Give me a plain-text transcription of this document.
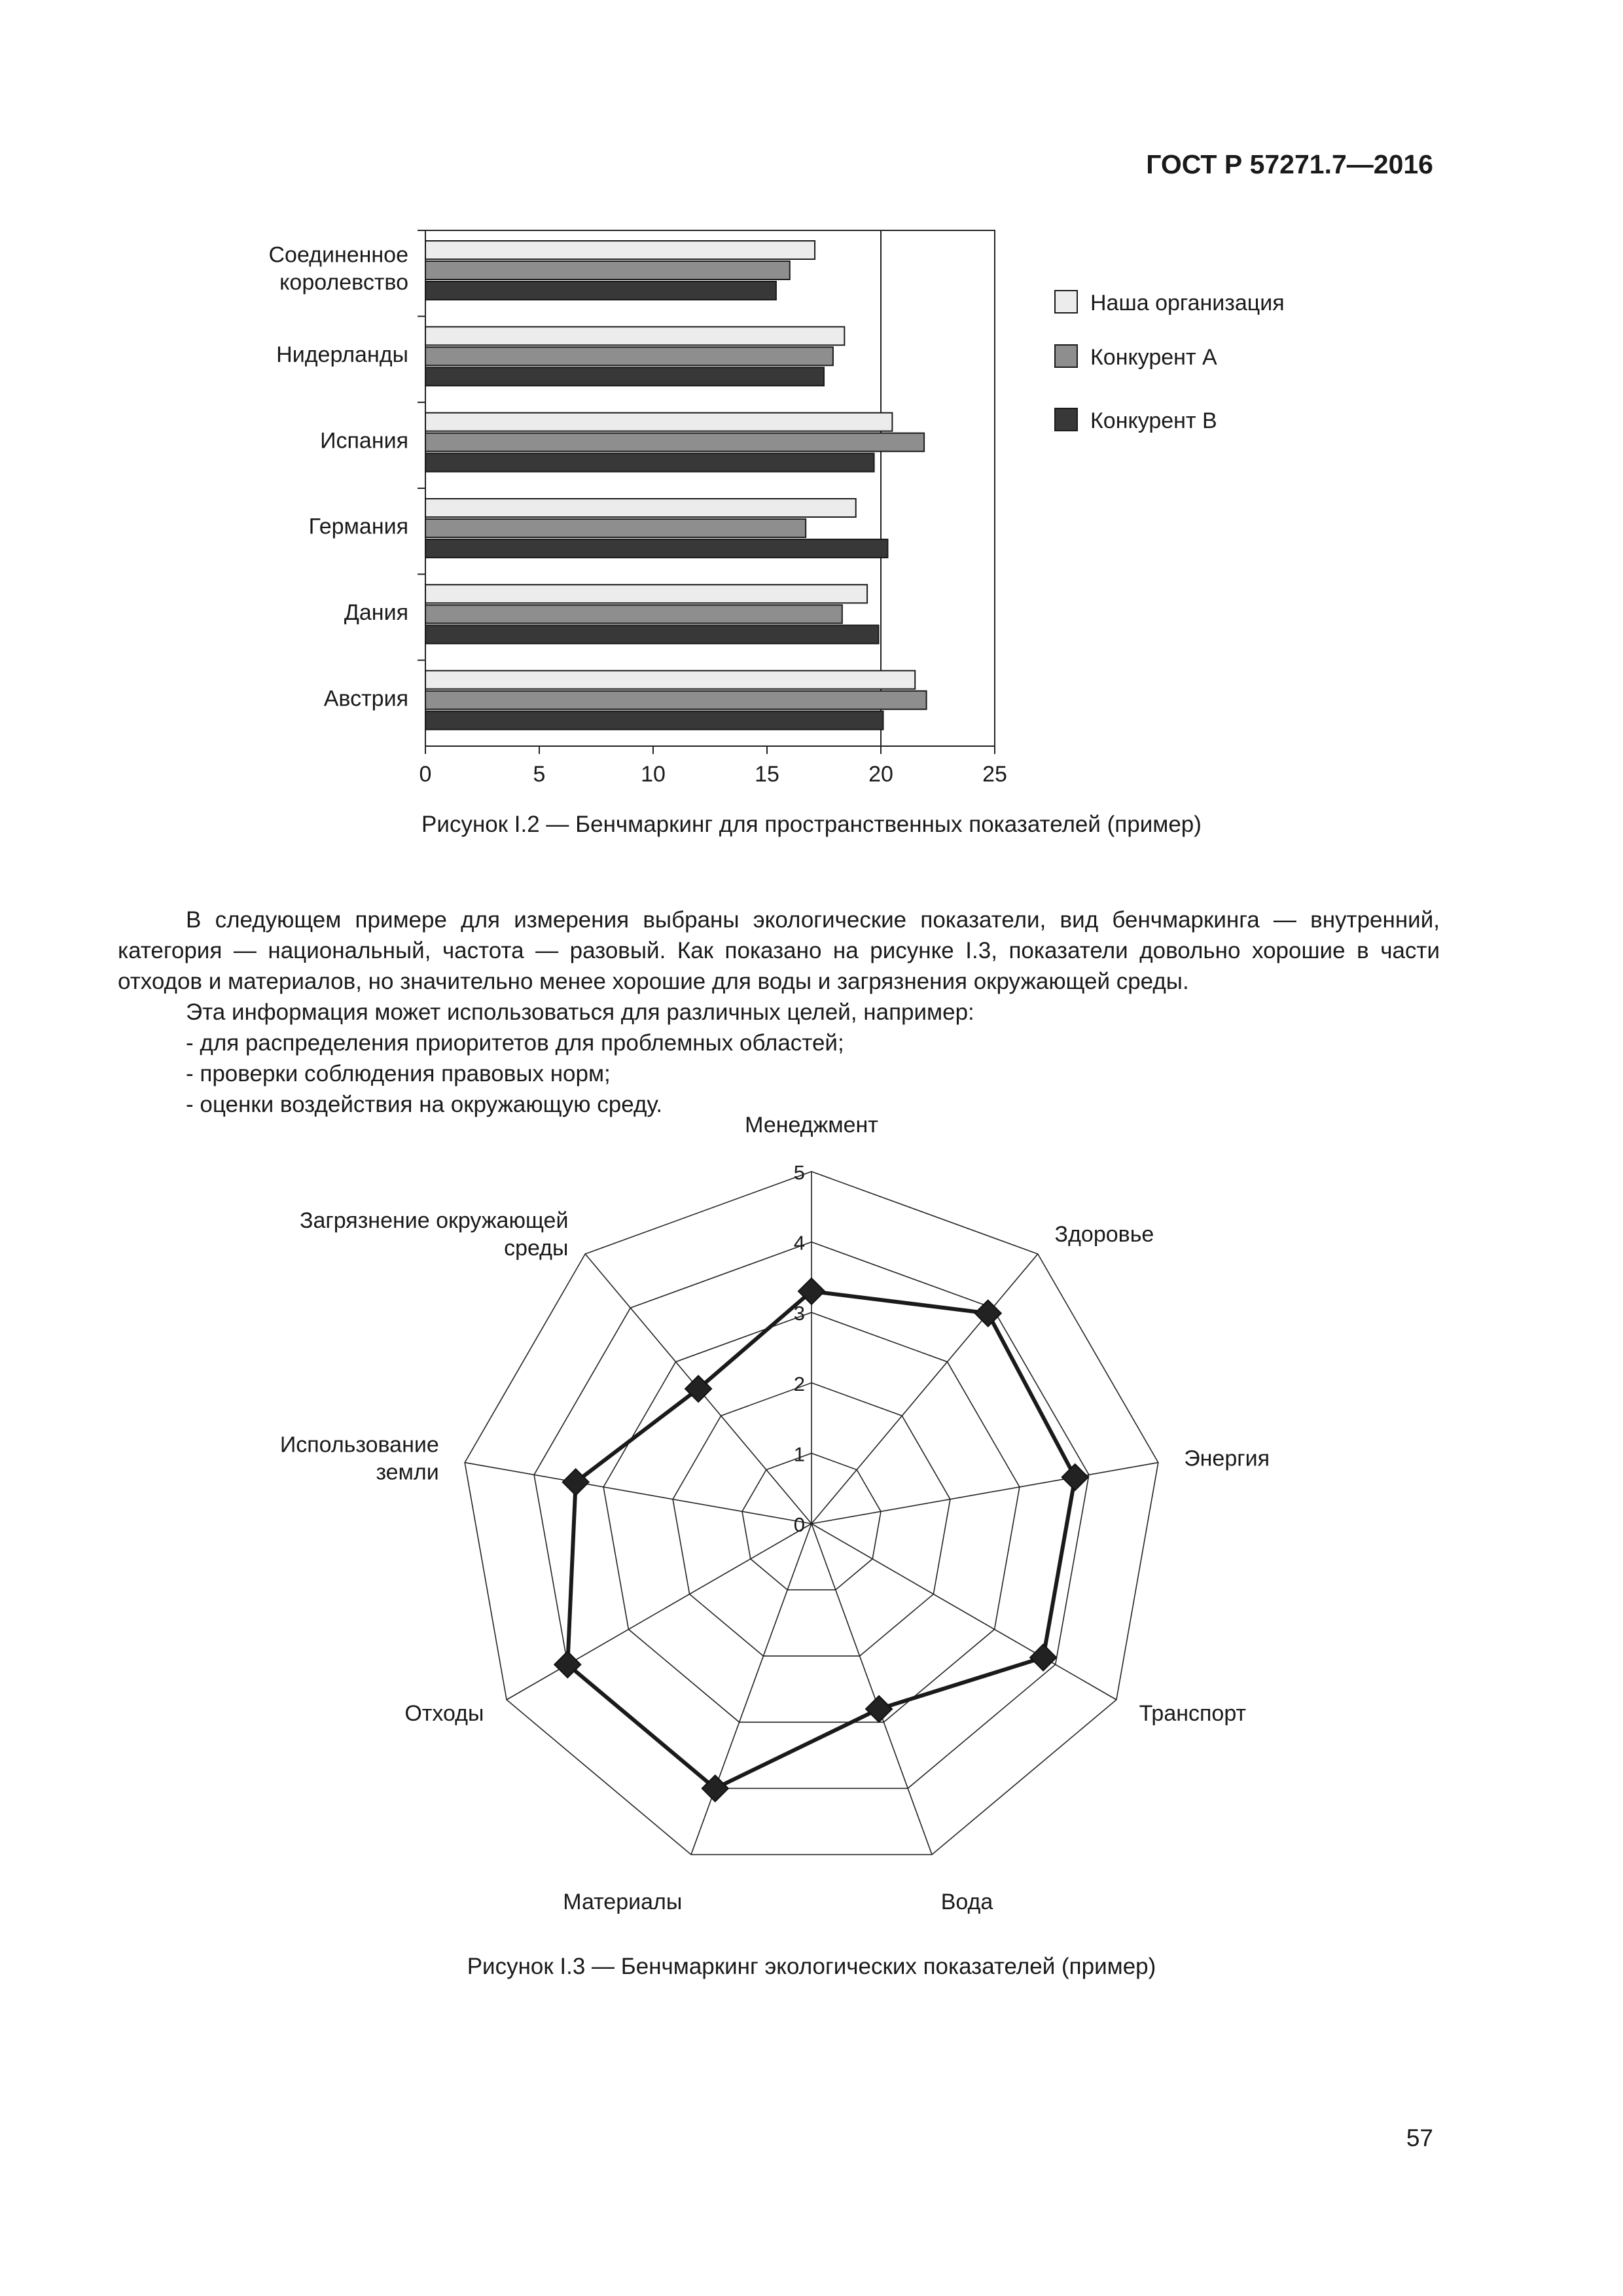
ГОСТ Р 57271.7—2016
Соединенное королевство
Нидерланды
Испания
Германия
Дания
Австрия
0	5	10	15	20	25
Наша организация
Конкурент А
Конкурент В
Рисунок I.2 — Бенчмаркинг для пространственных показателей (пример)

В следующем примере для измерения выбраны экологические показатели, вид бенчмаркинга — внутренний, категория — национальный, частота — разовый. Как показано на рисунке I.3, показатели довольно хорошие в части отходов и материалов, но значительно менее хорошие для воды и загрязнения окружающей среды.

Эта информация может использоваться для различных целей, например:

- для распределения приоритетов для проблемных областей;
- проверки соблюдения правовых норм;
- оценки воздействия на окружающую среду.
0
1
2
3
4
5
Менеджмент
Здоровье
Энергия
Транспорт
Вода
Материалы
Отходы
Использование земли
Загрязнение окружающей среды
Рисунок I.3 — Бенчмаркинг экологических показателей (пример)
57
